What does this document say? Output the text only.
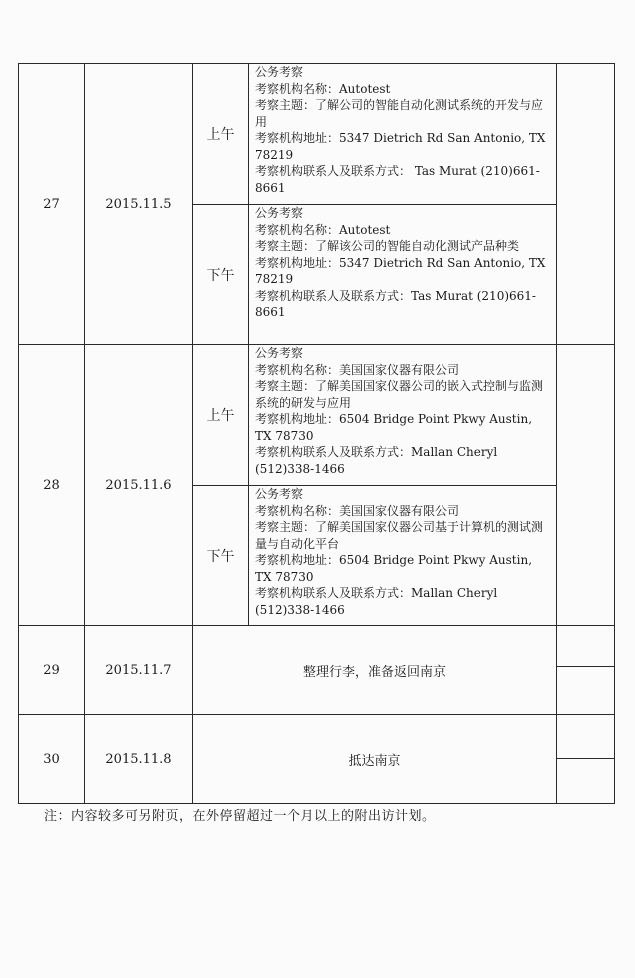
27	2015.11.5	上午	
公务考察
考察机构名称：Autotest
考察主题：了解公司的智能自动化测试系统的开发与应用
考察机构地址：5347 Dietrich Rd San Antonio, TX 78219
考察机构联系人及联系方式： Tas Murat (210)661-8661

下午	
公务考察
考察机构名称：Autotest
考察主题：了解该公司的智能自动化测试产品种类
考察机构地址：5347 Dietrich Rd San Antonio, TX 78219
考察机构联系人及联系方式：Tas Murat (210)661-8661

28	2015.11.6	上午	
公务考察
考察机构名称：美国国家仪器有限公司
考察主题：了解美国国家仪器公司的嵌入式控制与监测系统的研发与应用
考察机构地址：6504 Bridge Point Pkwy Austin, TX 78730
考察机构联系人及联系方式：Mallan Cheryl (512)338-1466

下午	
公务考察
考察机构名称：美国国家仪器有限公司
考察主题：了解美国国家仪器公司基于计算机的测试测量与自动化平台
考察机构地址：6504 Bridge Point Pkwy Austin, TX 78730
考察机构联系人及联系方式：Mallan Cheryl (512)338-1466

29	2015.11.7	整理行李，准备返回南京	

30	2015.11.8	抵达南京	

注：内容较多可另附页，在外停留超过一个月以上的附出访计划。
